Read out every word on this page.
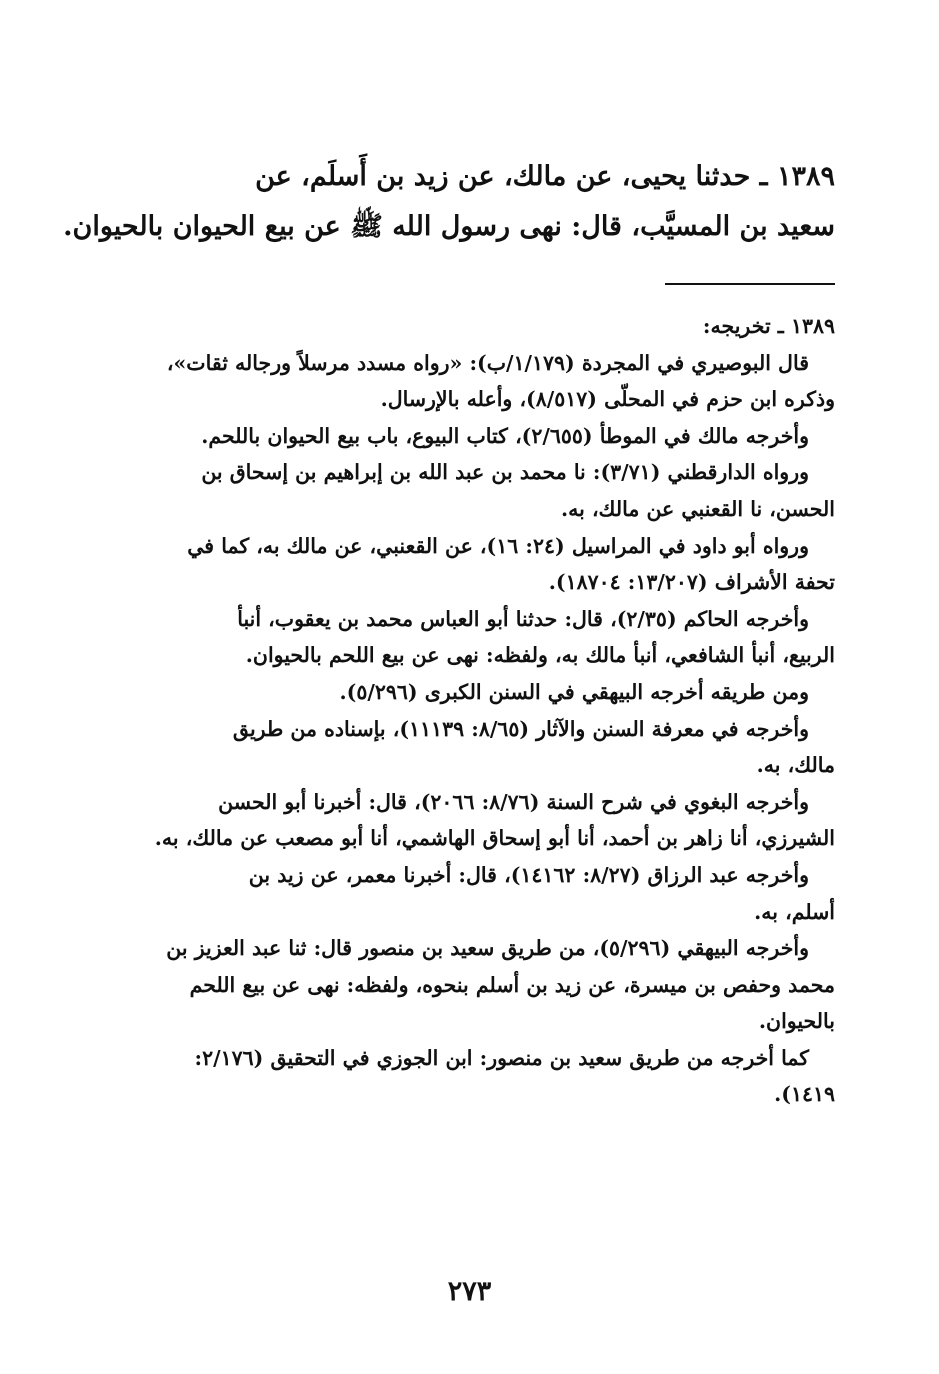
١٣٨٩ ـ حدثنا يحيى، عن مالك، عن زيد بن أَسلَم، عن
سعيد بن المسيَّب، قال: نهى رسول الله ﷺ عن بيع الحيوان بالحيوان.
١٣٨٩ ـ تخريجه:
قال البوصيري في المجردة (١/١٧٩/ب): «رواه مسدد مرسلاً ورجاله ثقات»،
وذكره ابن حزم في المحلّى (٨/٥١٧)، وأعله بالإرسال.
وأخرجه مالك في الموطأ (٢/٦٥٥)، كتاب البيوع، باب بيع الحيوان باللحم.
ورواه الدارقطني (٣/٧١): نا محمد بن عبد الله بن إبراهيم بن إسحاق بن
الحسن، نا القعنبي عن مالك، به.
ورواه أبو داود في المراسيل (٢٤: ١٦)، عن القعنبي، عن مالك به، كما في
تحفة الأشراف (١٣/٢٠٧: ١٨٧٠٤).
وأخرجه الحاكم (٢/٣٥)، قال: حدثنا أبو العباس محمد بن يعقوب، أنبأ
الربيع، أنبأ الشافعي، أنبأ مالك به، ولفظه: نهى عن بيع اللحم بالحيوان.
ومن طريقه أخرجه البيهقي في السنن الكبرى (٥/٢٩٦).
وأخرجه في معرفة السنن والآثار (٨/٦٥: ١١١٣٩)، بإسناده من طريق
مالك، به.
وأخرجه البغوي في شرح السنة (٨/٧٦: ٢٠٦٦)، قال: أخبرنا أبو الحسن
الشيرزي، أنا زاهر بن أحمد، أنا أبو إسحاق الهاشمي، أنا أبو مصعب عن مالك، به.
وأخرجه عبد الرزاق (٨/٢٧: ١٤١٦٢)، قال: أخبرنا معمر، عن زيد بن
أسلم، به.
وأخرجه البيهقي (٥/٢٩٦)، من طريق سعيد بن منصور قال: ثنا عبد العزيز بن
محمد وحفص بن ميسرة، عن زيد بن أسلم بنحوه، ولفظه: نهى عن بيع اللحم
بالحيوان.
كما أخرجه من طريق سعيد بن منصور: ابن الجوزي في التحقيق (٢/١٧٦:
١٤١٩).
٢٧٣
